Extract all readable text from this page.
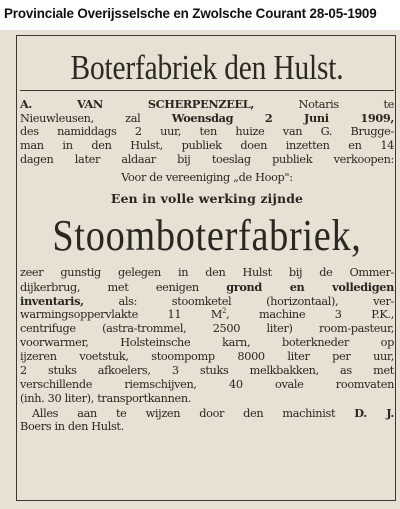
Provinciale Overijsselsche en Zwolsche Courant 28-05-1909
Boterfabriek den Hulst.
A. VAN SCHERPENZEEL,	Notaris te
Nieuwleusen, zal	Woensdag 2 Juni 1909,
des namiddags 2 uur, ten huize van G. Brugge-
man in den Hulst, publiek doen inzetten en 14
dagen later aldaar bij toeslag publiek verkoopen:
Voor de vereeniging „de Hoop":
Een in volle werking zijnde
Stoomboterfabriek,
zeer gunstig gelegen in den Hulst bij de Ommer-
dijkerbrug, met eenigen grond en volledigen
inventaris,	als: stoomketel (horizontaal), ver-
warmingsoppervlakte 11 $M^2$, machine 3 P.K.,
centrifuge (astra-trommel, 2500 liter) room-pasteur,
voorwarmer, Holsteinsche karn, boterkneder op
ijzeren voetstuk, stoompomp 8000 liter per uur,
2 stuks afkoelers, 3 stuks melkbakken, as met
verschillende riemschijven, 40 ovale roomvaten
(inh. 30 liter), transportkannen.
Alles aan te wijzen door den machinist D. J.
Boers in den Hulst.
